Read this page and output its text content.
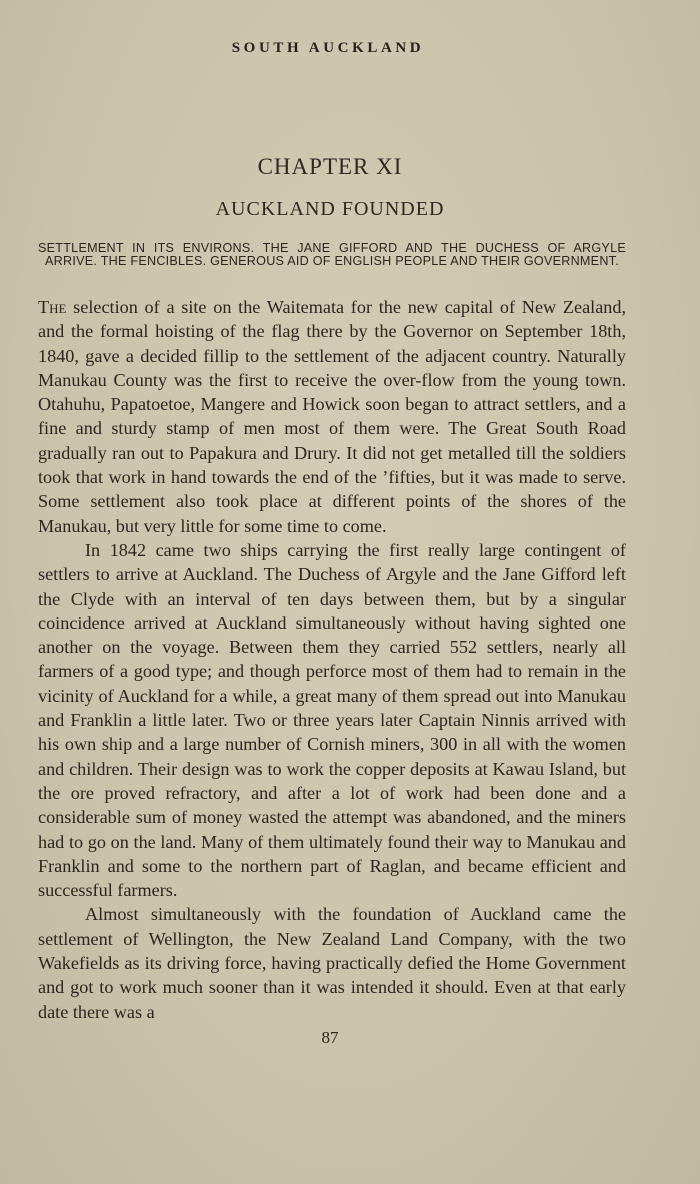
SOUTH AUCKLAND
CHAPTER XI
AUCKLAND FOUNDED
SETTLEMENT IN ITS ENVIRONS. THE JANE GIFFORD AND THE DUCHESS OF ARGYLE ARRIVE. THE FENCIBLES. GENEROUS AID OF ENGLISH PEOPLE AND THEIR GOVERNMENT.

The selection of a site on the Waitemata for the new capital of New Zealand, and the formal hoisting of the flag there by the Governor on September 18th, 1840, gave a decided fillip to the settlement of the adjacent country. Naturally Manukau County was the first to receive the over-flow from the young town. Otahuhu, Papatoetoe, Mangere and Howick soon began to attract settlers, and a fine and sturdy stamp of men most of them were. The Great South Road gradually ran out to Papakura and Drury. It did not get metalled till the soldiers took that work in hand towards the end of the ’fifties, but it was made to serve. Some settlement also took place at different points of the shores of the Manukau, but very little for some time to come.

In 1842 came two ships carrying the first really large contingent of settlers to arrive at Auckland. The Duchess of Argyle and the Jane Gifford left the Clyde with an interval of ten days between them, but by a singular coincidence arrived at Auckland simultaneously without having sighted one another on the voyage. Between them they carried 552 settlers, nearly all farmers of a good type; and though perforce most of them had to remain in the vicinity of Auckland for a while, a great many of them spread out into Manukau and Franklin a little later. Two or three years later Captain Ninnis arrived with his own ship and a large number of Cornish miners, 300 in all with the women and children. Their design was to work the copper deposits at Kawau Island, but the ore proved refractory, and after a lot of work had been done and a considerable sum of money wasted the attempt was abandoned, and the miners had to go on the land. Many of them ultimately found their way to Manukau and Franklin and some to the northern part of Raglan, and became efficient and successful farmers.

Almost simultaneously with the foundation of Auckland came the settlement of Wellington, the New Zealand Land Company, with the two Wakefields as its driving force, having practically defied the Home Government and got to work much sooner than it was intended it should. Even at that early date there was a

87
